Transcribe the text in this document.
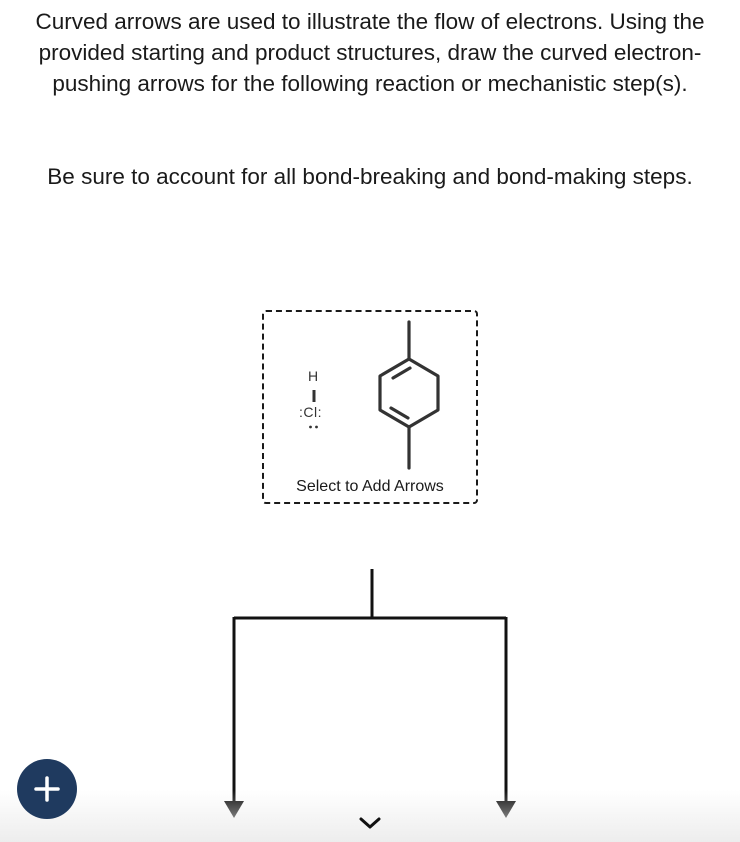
Curved arrows are used to illustrate the flow of electrons. Using the provided starting and product structures, draw the curved electron-pushing arrows for the following reaction or mechanistic step(s).

Be sure to account for all bond-breaking and bond-making steps.

H
:Cl:
Select to Add Arrows
